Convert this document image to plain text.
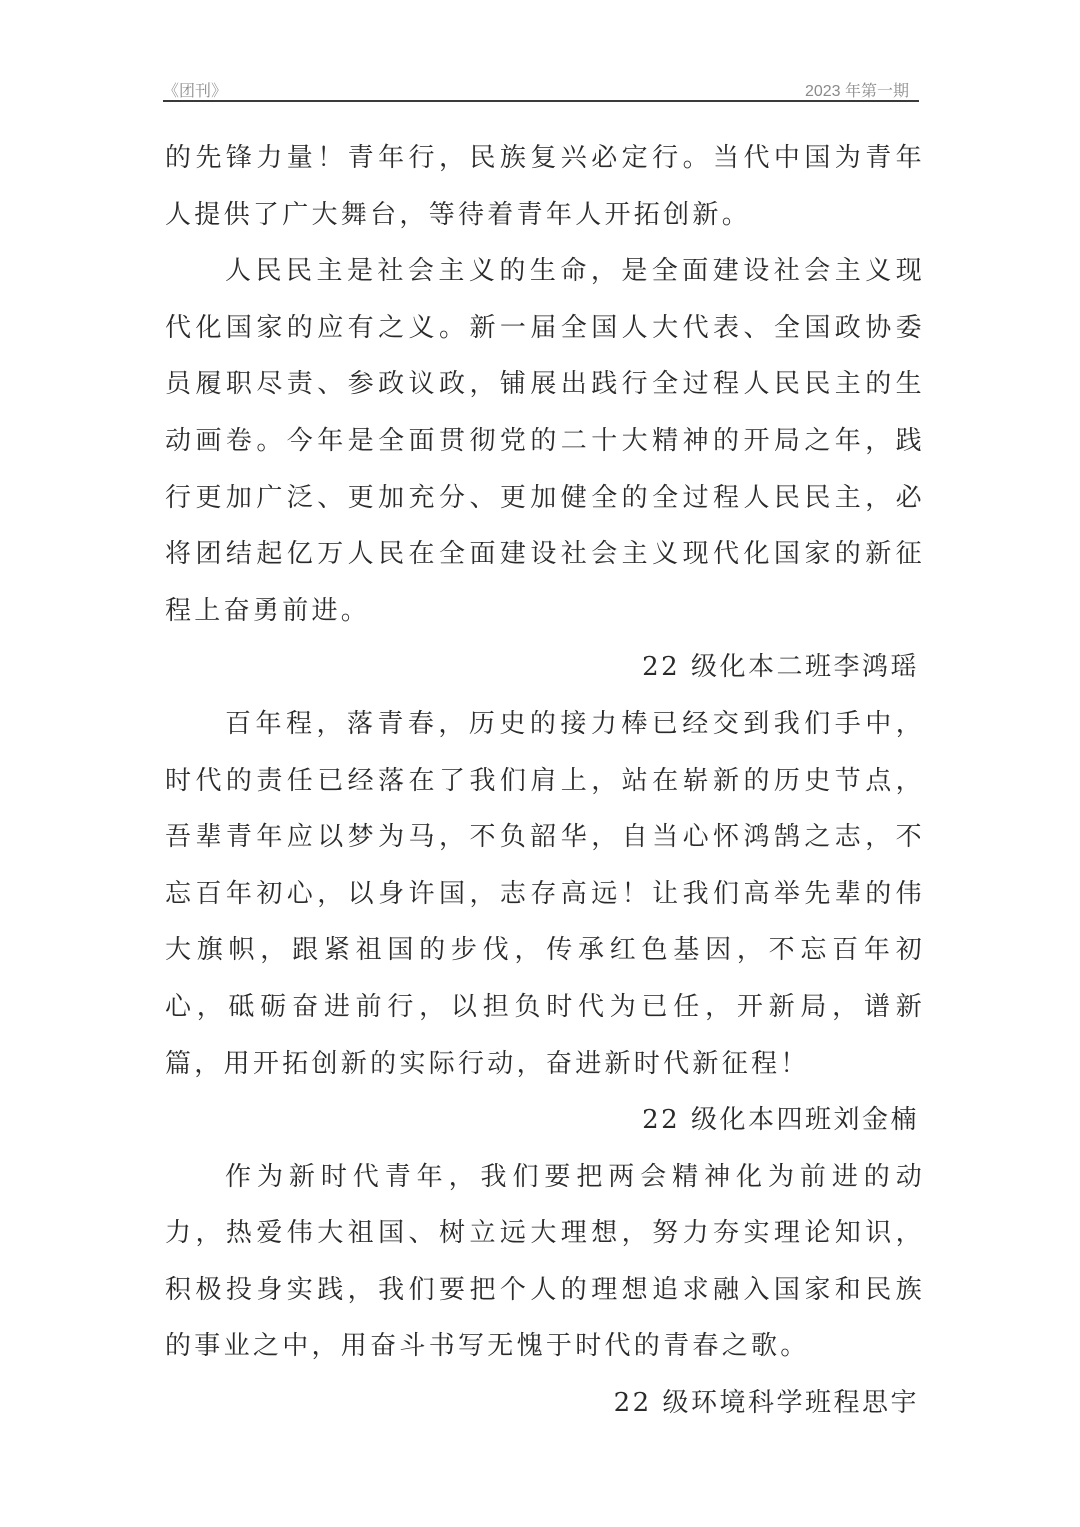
《团刊》	2023 年第一期

的先锋力量！青年行，民族复兴必定行。当代中国为青年人提供了广大舞台，等待着青年人开拓创新。

人民民主是社会主义的生命，是全面建设社会主义现代化国家的应有之义。新一届全国人大代表、全国政协委员履职尽责、参政议政，铺展出践行全过程人民民主的生动画卷。今年是全面贯彻党的二十大精神的开局之年，践行更加广泛、更加充分、更加健全的全过程人民民主，必将团结起亿万人民在全面建设社会主义现代化国家的新征程上奋勇前进。

22 级化本二班李鸿瑶

百年程，落青春，历史的接力棒已经交到我们手中，时代的责任已经落在了我们肩上，站在崭新的历史节点，吾辈青年应以梦为马，不负韶华，自当心怀鸿鹄之志，不忘百年初心，以身许国，志存高远！让我们高举先辈的伟大旗帜，跟紧祖国的步伐，传承红色基因，不忘百年初心，砥砺奋进前行，以担负时代为已任，开新局，谱新篇，用开拓创新的实际行动，奋进新时代新征程！

22 级化本四班刘金楠

作为新时代青年，我们要把两会精神化为前进的动力，热爱伟大祖国、树立远大理想，努力夯实理论知识，积极投身实践，我们要把个人的理想追求融入国家和民族的事业之中，用奋斗书写无愧于时代的青春之歌。

22 级环境科学班程思宇
